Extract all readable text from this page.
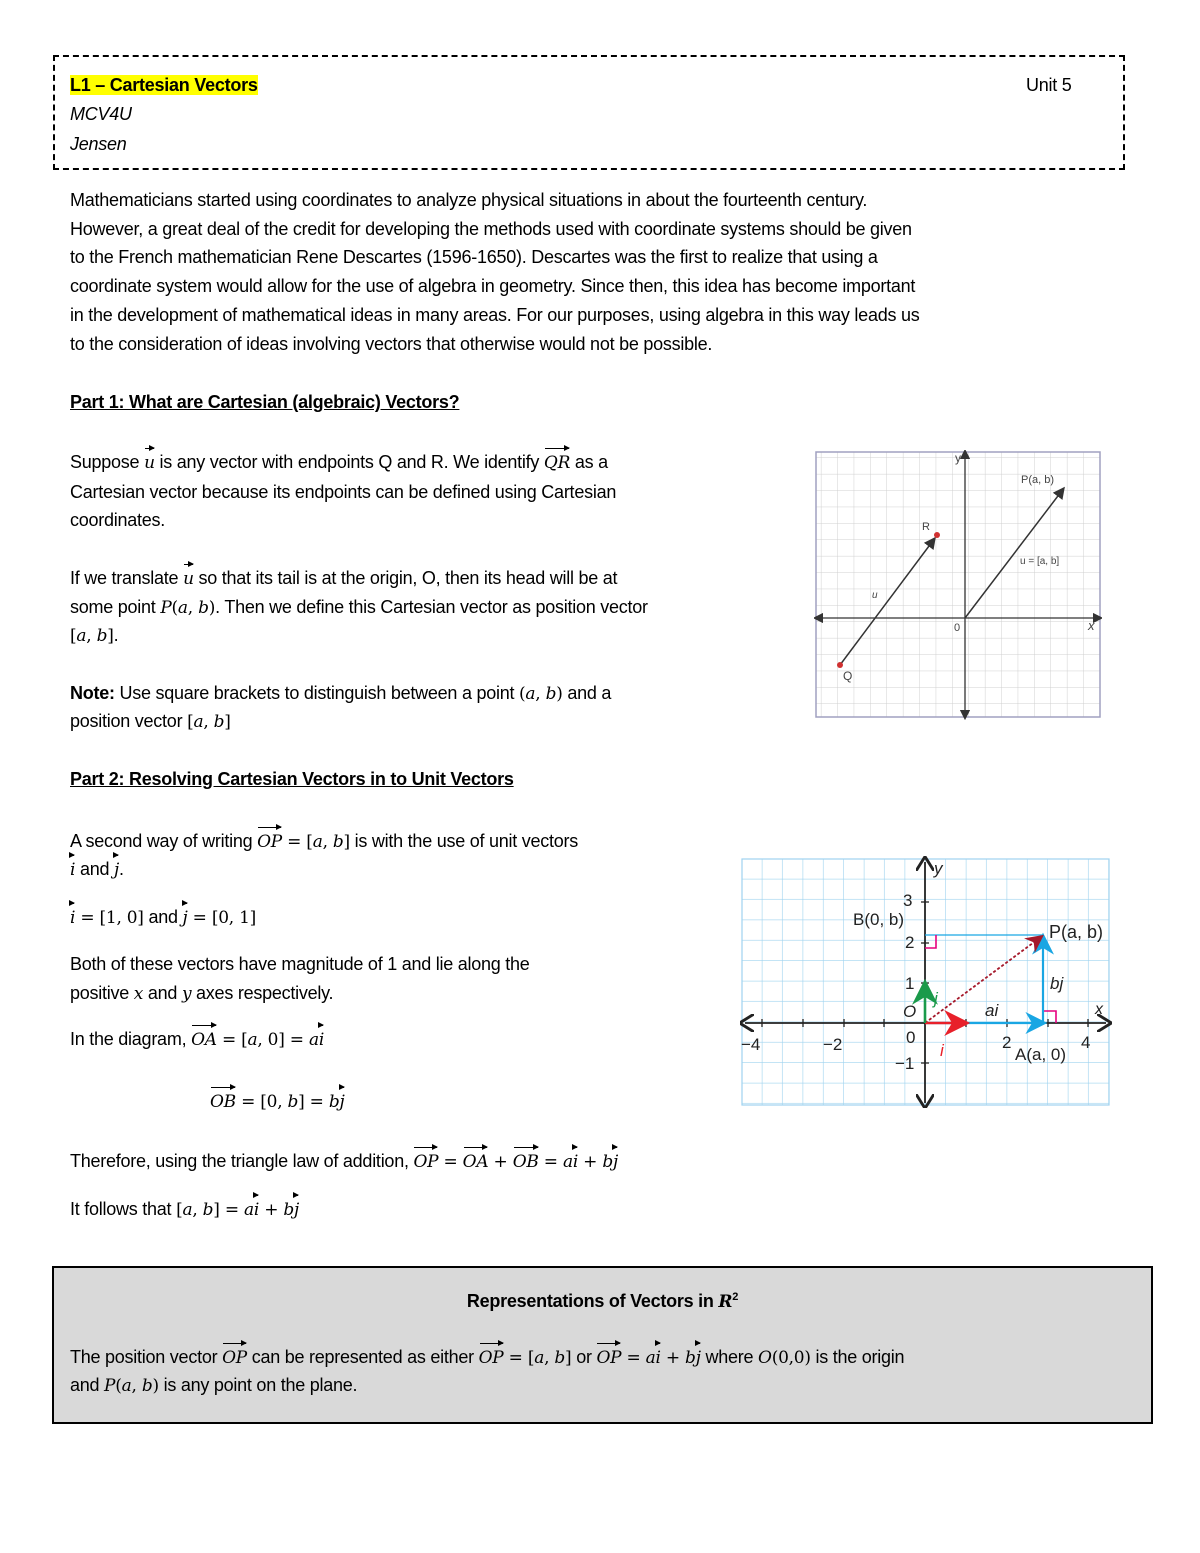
L1 – Cartesian Vectors
MCV4U
Jensen
Unit 5
Mathematicians started using coordinates to analyze physical situations in about the fourteenth century.
However, a great deal of the credit for developing the methods used with coordinate systems should be given
to the French mathematician Rene Descartes (1596-1650). Descartes was the first to realize that using a
coordinate system would allow for the use of algebra in geometry. Since then, this idea has become important
in the development of mathematical ideas in many areas. For our purposes, using algebra in this way leads us
to the consideration of ideas involving vectors that otherwise would not be possible.
Part 1: What are Cartesian (algebraic) Vectors?
Suppose u is any vector with endpoints Q and R. We identify QR as a
Cartesian vector because its endpoints can be defined using Cartesian
coordinates.
If we translate u so that its tail is at the origin, O, then its head will be at
some point P(a, b). Then we define this Cartesian vector as position vector
[a, b].
Note: Use square brackets to distinguish between a point (a, b) and a
position vector [a, b]
y
x
0
R
Q
u
P(a, b)
u = [a, b]
Part 2: Resolving Cartesian Vectors in to Unit Vectors
A second way of writing OP = [a, b] is with the use of unit vectors
i and j.
i = [1, 0] and j = [0, 1]
Both of these vectors have magnitude of 1 and lie along the
positive x and y axes respectively.
In the diagram, OA = [a, 0] = ai
OB = [0, b] = bj
Therefore, using the triangle law of addition, OP = OA + OB = ai + bj
It follows that [a, b] = ai + bj
−4	−2	2	4
3
2
1
−1
0
O
y
x
B(0, b)
P(a, b)
A(a, 0)
bj
ai
i
j
Representations of Vectors in $R^2$
The position vector OP can be represented as either OP = [a, b] or OP = ai + bj where O(0,0) is the origin
and P(a, b) is any point on the plane.
